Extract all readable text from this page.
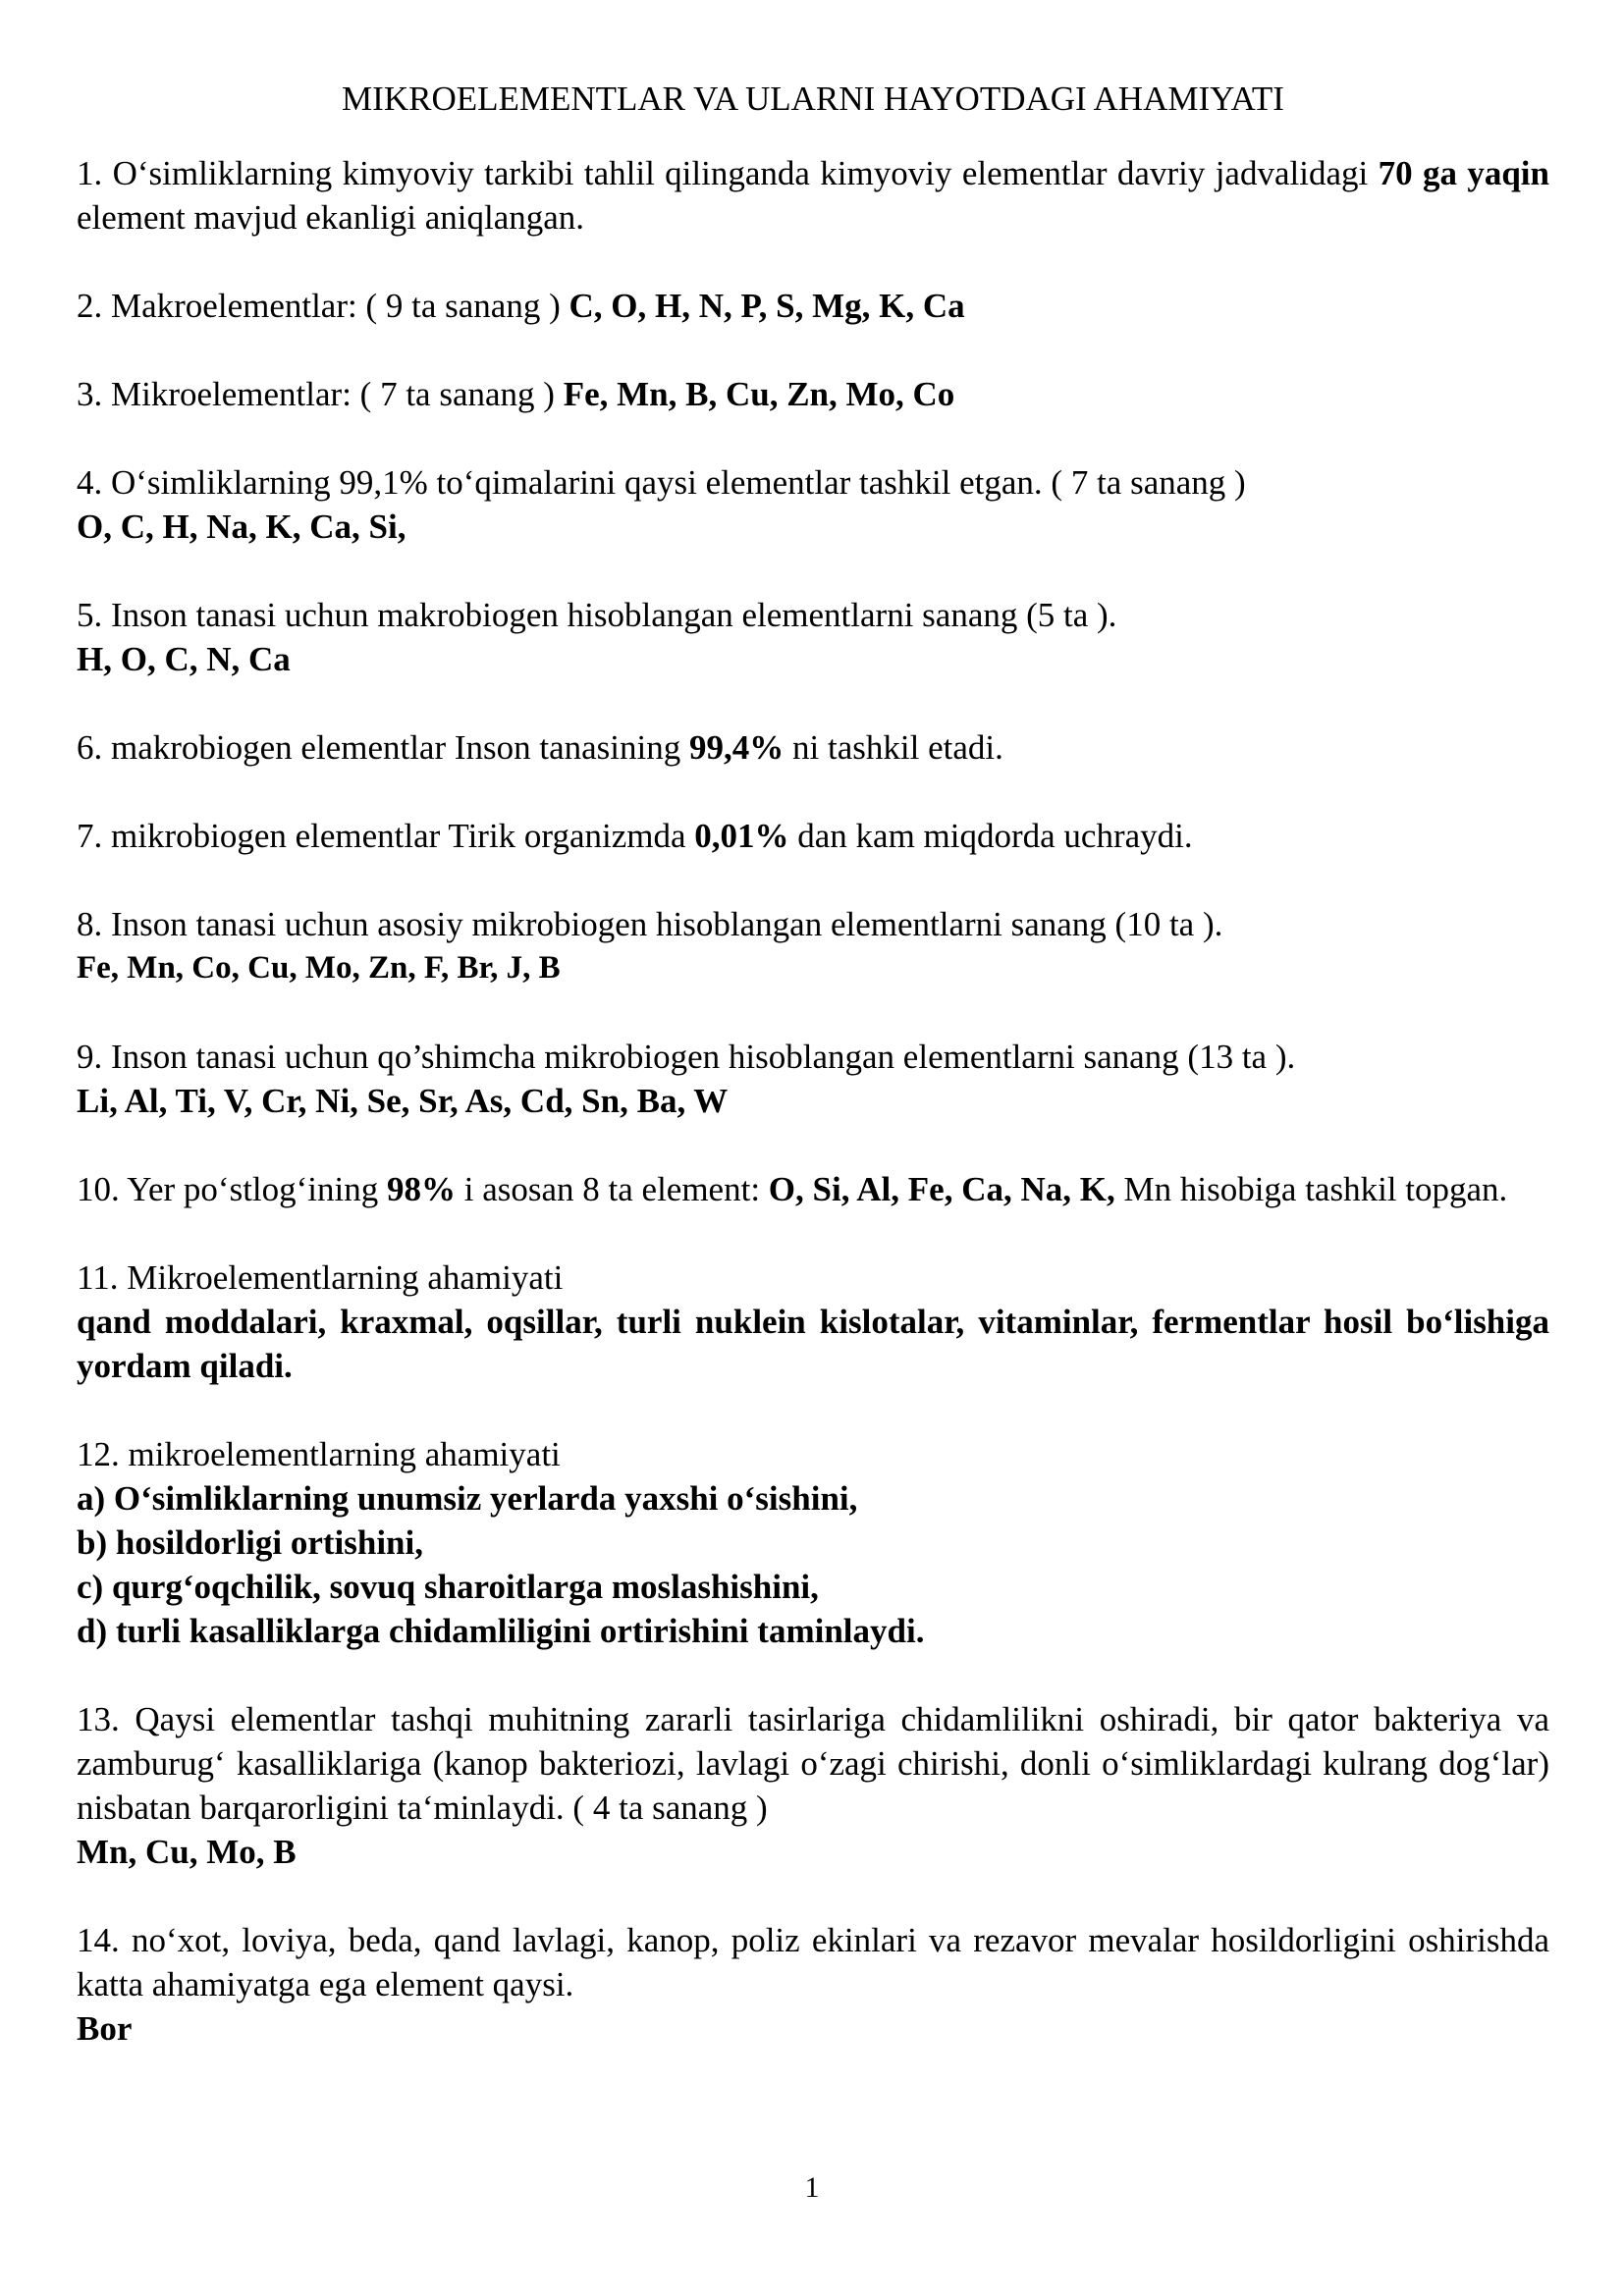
MIKROELEMENTLAR VA ULARNI HAYOTDAGI AHAMIYATI

1. O‘simliklarning kimyoviy tarkibi tahlil qilinganda kimyoviy elementlar davriy jadvalidagi 70 ga yaqin element mavjud ekanligi aniqlangan.

2. Makroelementlar: ( 9 ta sanang ) C, O, H, N, P, S, Mg, K, Ca

3. Mikroelementlar: ( 7 ta sanang ) Fe, Mn, B, Cu, Zn, Mo, Co

4. O‘simliklarning 99,1% to‘qimalarini qaysi elementlar tashkil etgan. ( 7 ta sanang )

O, C, H, Na, K, Ca, Si,

5. Inson tanasi uchun makrobiogen hisoblangan elementlarni sanang (5 ta ).

H, O, C, N, Ca

6. makrobiogen elementlar Inson tanasining 99,4% ni tashkil etadi.

7. mikrobiogen elementlar Tirik organizmda 0,01% dan kam miqdorda uchraydi.

8. Inson tanasi uchun asosiy mikrobiogen hisoblangan elementlarni sanang (10 ta ).

Fe, Mn, Co, Cu, Mo, Zn, F, Br, J, B

9. Inson tanasi uchun qo’shimcha mikrobiogen hisoblangan elementlarni sanang (13 ta ).

Li, Al, Ti, V, Cr, Ni, Se, Sr, As, Cd, Sn, Ba, W

10. Yer po‘stlog‘ining 98% i asosan 8 ta element: O, Si, Al, Fe, Ca, Na, K, Mn hisobiga tashkil topgan.

11. Mikroelementlarning ahamiyati

qand moddalari, kraxmal, oqsillar, turli nuklein kislotalar, vitaminlar, fermentlar hosil bo‘lishiga yordam qiladi.

12. mikroelementlarning ahamiyati

a) O‘simliklarning unumsiz yerlarda yaxshi o‘sishini,

b) hosildorligi ortishini,

c) qurg‘oqchilik, sovuq sharoitlarga moslashishini,

d) turli kasalliklarga chidamliligini ortirishini taminlaydi.

13. Qaysi elementlar tashqi muhitning zararli tasirlariga chidamlilikni oshiradi, bir qator bakteriya va zamburug‘ kasalliklariga (kanop bakteriozi, lavlagi o‘zagi chirishi, donli o‘simliklardagi kulrang dog‘lar) nisbatan barqarorligini ta‘minlaydi. ( 4 ta sanang )

Mn, Cu, Mo, B

14. no‘xot, loviya, beda, qand lavlagi, kanop, poliz ekinlari va rezavor mevalar hosildorligini oshirishda katta ahamiyatga ega element qaysi.

Bor

1
